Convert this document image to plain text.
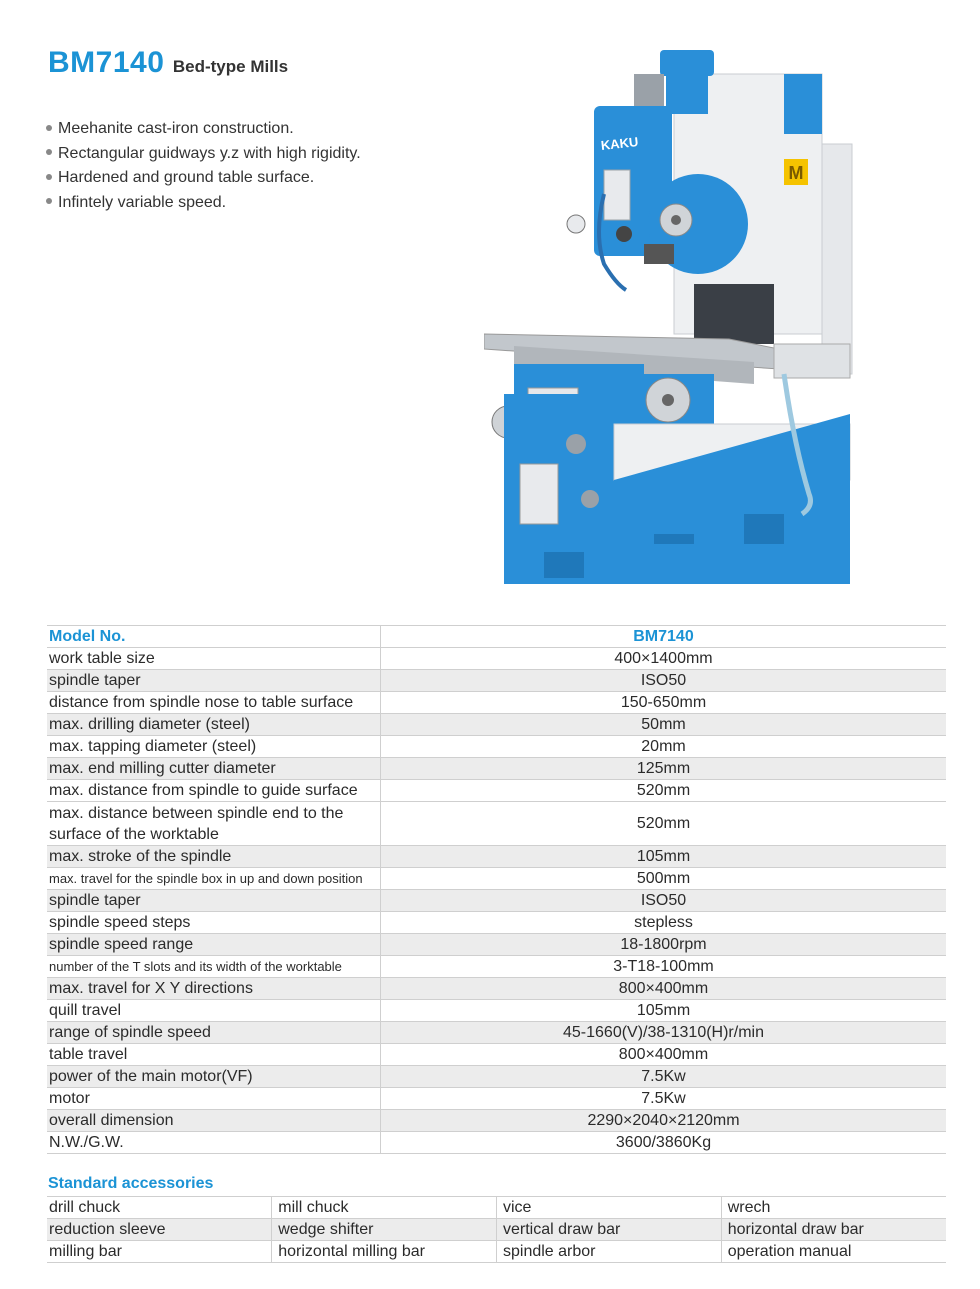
BM7140 Bed-type Mills
Meehanite cast-iron construction.
Rectangular guidways y.z with high rigidity.
Hardened and ground table surface.
Infintely variable speed.
M
KAKU
Model No.	BM7140
work table size	400×1400mm
spindle taper	ISO50
distance from spindle nose to table surface	150-650mm
max. drilling diameter (steel)	50mm
max. tapping diameter (steel)	20mm
max. end milling cutter diameter	125mm
max. distance from spindle to guide surface	520mm
max. distance between spindle end to the surface of the worktable	520mm
max. stroke of the spindle	105mm
max. travel for the spindle box in up and down position	500mm
spindle taper	ISO50
spindle speed steps	stepless
spindle speed range	18-1800rpm
number of the T slots and its width of the worktable	3-T18-100mm
max. travel for X Y directions	800×400mm
quill travel	105mm
range of spindle speed	45-1660(V)/38-1310(H)r/min
table travel	800×400mm
power of the main motor(VF)	7.5Kw
motor	7.5Kw
overall dimension	2290×2040×2120mm
N.W./G.W.	3600/3860Kg
Standard accessories
drill chuck	mill chuck	vice	wrech
reduction sleeve	wedge shifter	vertical draw bar	horizontal draw bar
milling bar	horizontal milling bar	spindle arbor	operation manual
